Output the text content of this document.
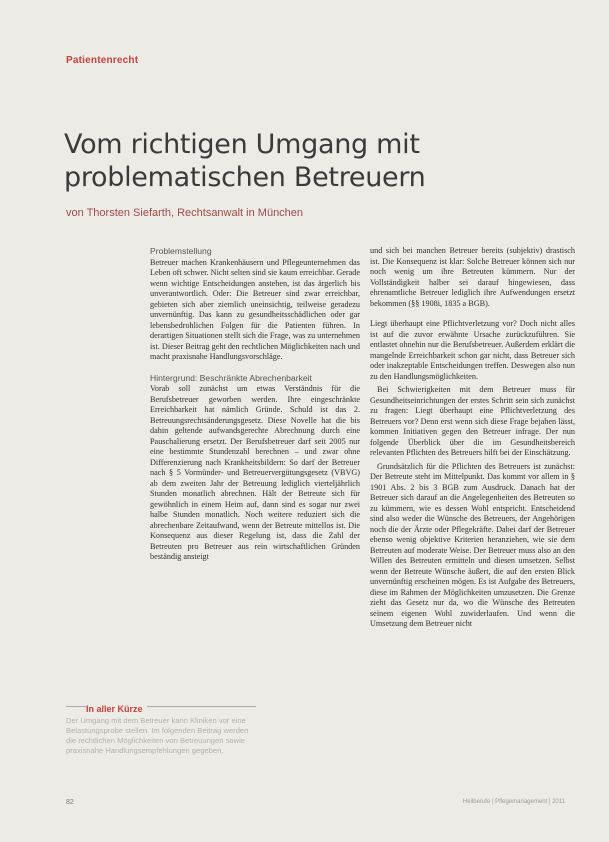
Patientenrecht
Vom richtigen Umgang mit problematischen Betreuern
von Thorsten Siefarth, Rechtsanwalt in München
Problemstellung

Betreuer machen Krankenhäusern und Pflegeunternehmen das Leben oft schwer. Nicht selten sind sie kaum erreichbar. Gerade wenn wichtige Entscheidungen anstehen, ist das ärgerlich bis unverantwortlich. Oder: Die Betreuer sind zwar erreichbar, gebieten sich aber ziemlich uneinsichtig, teilweise geradezu unvernünftig. Das kann zu gesundheitsschädlichen oder gar lebensbedrohlichen Folgen für die Patienten führen. In derartigen Situationen stellt sich die Frage, was zu unternehmen ist. Dieser Beitrag geht den rechtlichen Möglichkeiten nach und macht praxisnahe Handlungsvorschläge.

Hintergrund: Beschränkte Abrechenbarkeit

Vorab soll zunächst um etwas Verständnis für die Berufsbetreuer geworben werden. Ihre eingeschränkte Erreichbarkeit hat nämlich Gründe. Schuld ist das 2. Betreuungsrechtsänderungsgesetz. Diese Novelle hat die bis dahin geltende aufwandsgerechte Abrechnung durch eine Pauschalierung ersetzt. Der Berufsbetreuer darf seit 2005 nur eine bestimmte Stundenzahl berechnen – und zwar ohne Differenzierung nach Krankheitsbildern: So darf der Betreuer nach § 5 Vormünder- und Betreuervergütungsgesetz (VBVG) ab dem zweiten Jahr der Betreuung lediglich vierteljährlich Stunden monatlich abrechnen. Hält der Betreute sich für gewöhnlich in einem Heim auf, dann sind es sogar nur zwei halbe Stunden monatlich. Noch weitere reduziert sich die abrechenbare Zeitaufwand, wenn der Betreute mittellos ist. Die Konsequenz aus dieser Regelung ist, dass die Zahl der Betreuten pro Betreuer aus rein wirtschaftlichen Gründen beständig ansteigt

und sich bei manchen Betreuer bereits (subjektiv) drastisch ist. Die Konsequenz ist klar: Solche Betreuer können sich nur noch wenig um ihre Betreuten kümmern. Nur der Vollständigkeit halber sei darauf hingewiesen, dass ehrenamtliche Betreuer lediglich ihre Aufwendungen ersetzt bekommen (§§ 1908i, 1835 a BGB).

Liegt überhaupt eine Pflichtverletzung vor? Doch nicht alles ist auf die zuvor erwähnte Ursache zurückzuführen. Sie entlastet ohnehin nur die Berufsbetreuer. Außerdem erklärt die mangelnde Erreichbarkeit schon gar nicht, dass Betreuer sich oder inakzeptable Entscheidungen treffen. Deswegen also nun zu den Handlungsmöglichkeiten.

Bei Schwierigkeiten mit dem Betreuer muss für Gesundheitseinrichtungen der erstes Schritt sein sich zunächst zu fragen: Liegt überhaupt eine Pflichtverletzung des Betreuers vor? Denn erst wenn sich diese Frage bejahen lässt, kommen Initiativen gegen den Betreuer infrage. Der nun folgende Überblick über die im Gesundheitsbereich relevanten Pflichten des Betreuers hilft bei der Einschätzung.

Grundsätzlich für die Pflichten des Betreuers ist zunächst: Der Betreute steht im Mittelpunkt. Das kommt vor allem in § 1901 Abs. 2 bis 3 BGB zum Ausdruck. Danach hat der Betreuer sich darauf an die Angelegenheiten des Betreuten so zu kümmern, wie es dessen Wohl entspricht. Entscheidend sind also weder die Wünsche des Betreuers, der Angehörigen noch die der Ärzte oder Pflegekräfte. Dabei darf der Betreuer ebenso wenig objektive Kriterien heranziehen, wie sie dem Betreuten auf moderate Weise. Der Betreuer muss also an den Willen des Betreuten ermitteln und diesen umsetzen. Selbst wenn der Betreute Wünsche äußert, die auf den ersten Blick unvernünftig erscheinen mögen. Es ist Aufgabe des Betreuers, diese im Rahmen der Möglichkeiten umzusetzen. Die Grenze zieht das Gesetz nur da, wo die Wünsche des Betreuten seinem eigenen Wohl zuwiderlaufen. Und wenn die Umsetzung dem Betreuer nicht

In aller Kürze
Der Umgang mit dem Betreuer kann Kliniken vor eine Belastungsprobe stellen. Im folgenden Beitrag werden die rechtlichen Möglichkeiten von Betreuungen sowie praxisnahe Handlungsempfehlungen gegeben.
82	Heilberufe | Pflegemanagement | 2011
